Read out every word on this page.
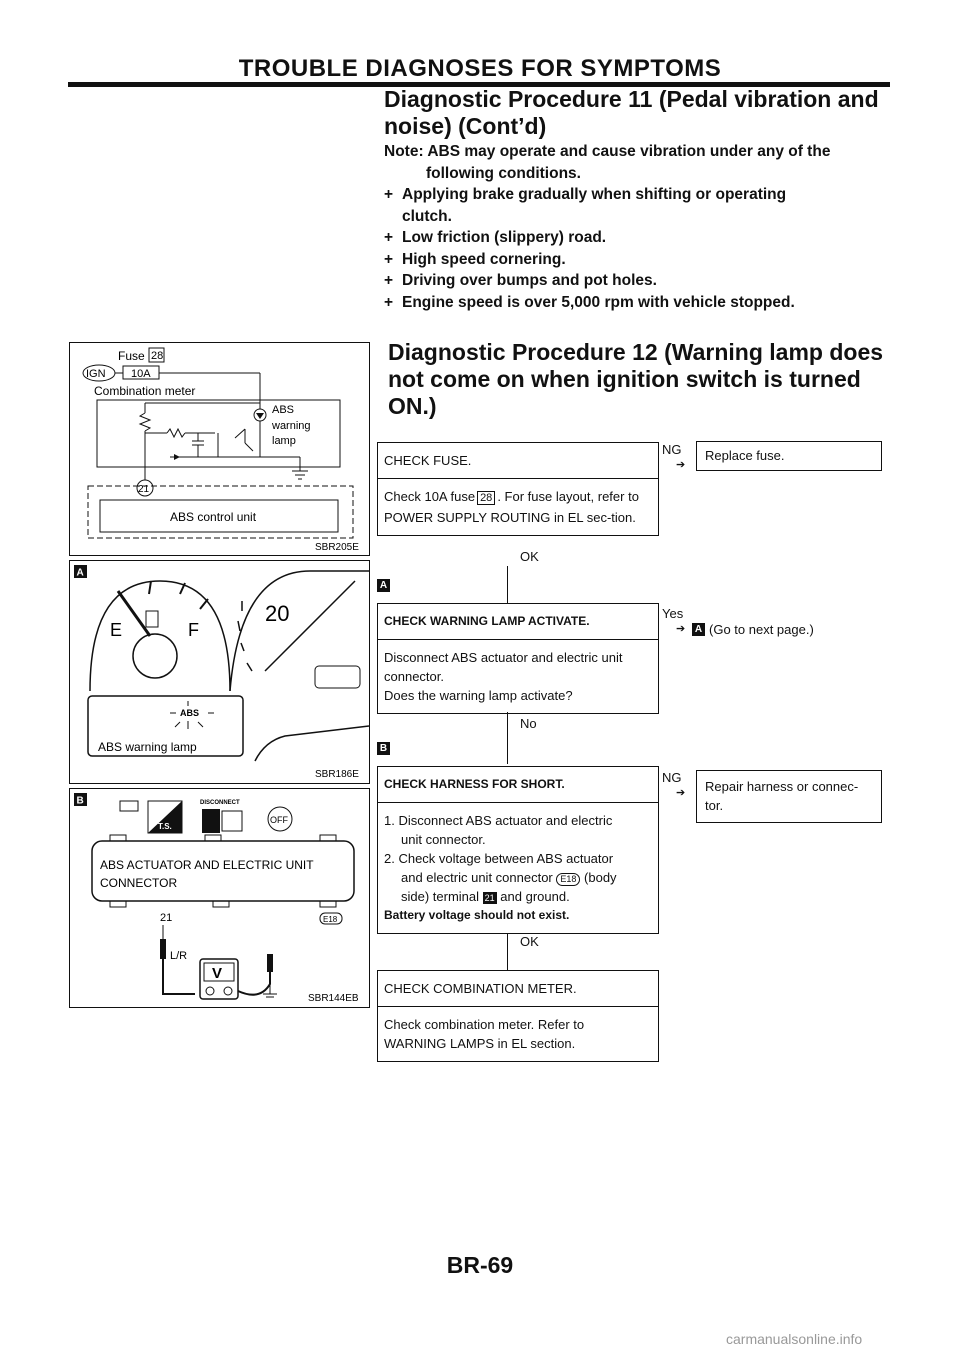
TROUBLE DIAGNOSES FOR SYMPTOMS
Diagnostic Procedure 11 (Pedal vibration and
noise) (Cont’d)
Note: ABS may operate and cause vibration under any of the
following conditions.
+ Applying brake gradually when shifting or operating
clutch.
+ Low friction (slippery) road.
+ High speed cornering.
+ Driving over bumps and pot holes.
+ Engine speed is over 5,000 rpm with vehicle stopped.
Diagnostic Procedure 12 (Warning lamp does
not come on when ignition switch is turned
ON.)
Fuse 28
IGN 10A
Combination meter
ABS
warning
lamp
21
ABS control unit
SBR205E
A
E	F
20
ABS
ABS warning lamp
SBR186E
B
T.S.
DISCONNECT
OFF
ABS ACTUATOR AND ELECTRIC UNIT
CONNECTOR
21	E18
L/R
V
SBR144EB
CHECK FUSE.
Check 10A fuse 28 . For fuse layout, refer to POWER SUPPLY ROUTING in EL sec-tion.
OK
NG
➔
Replace fuse.
A
CHECK WARNING LAMP ACTIVATE.
Disconnect ABS actuator and electric unit
connector.
Does the warning lamp activate?
No
Yes
➔ A (Go to next page.)
B
CHECK HARNESS FOR SHORT.
1. Disconnect ABS actuator and electric
unit connector.
2. Check voltage between ABS actuator
and electric unit connector E18 (body
side) terminal 21 and ground.
Battery voltage should not exist.
OK
NG
➔	Repair harness or connec-tor.
CHECK COMBINATION METER.
Check combination meter. Refer to
WARNING LAMPS in EL section.
BR-69
carmanualsonline.info
